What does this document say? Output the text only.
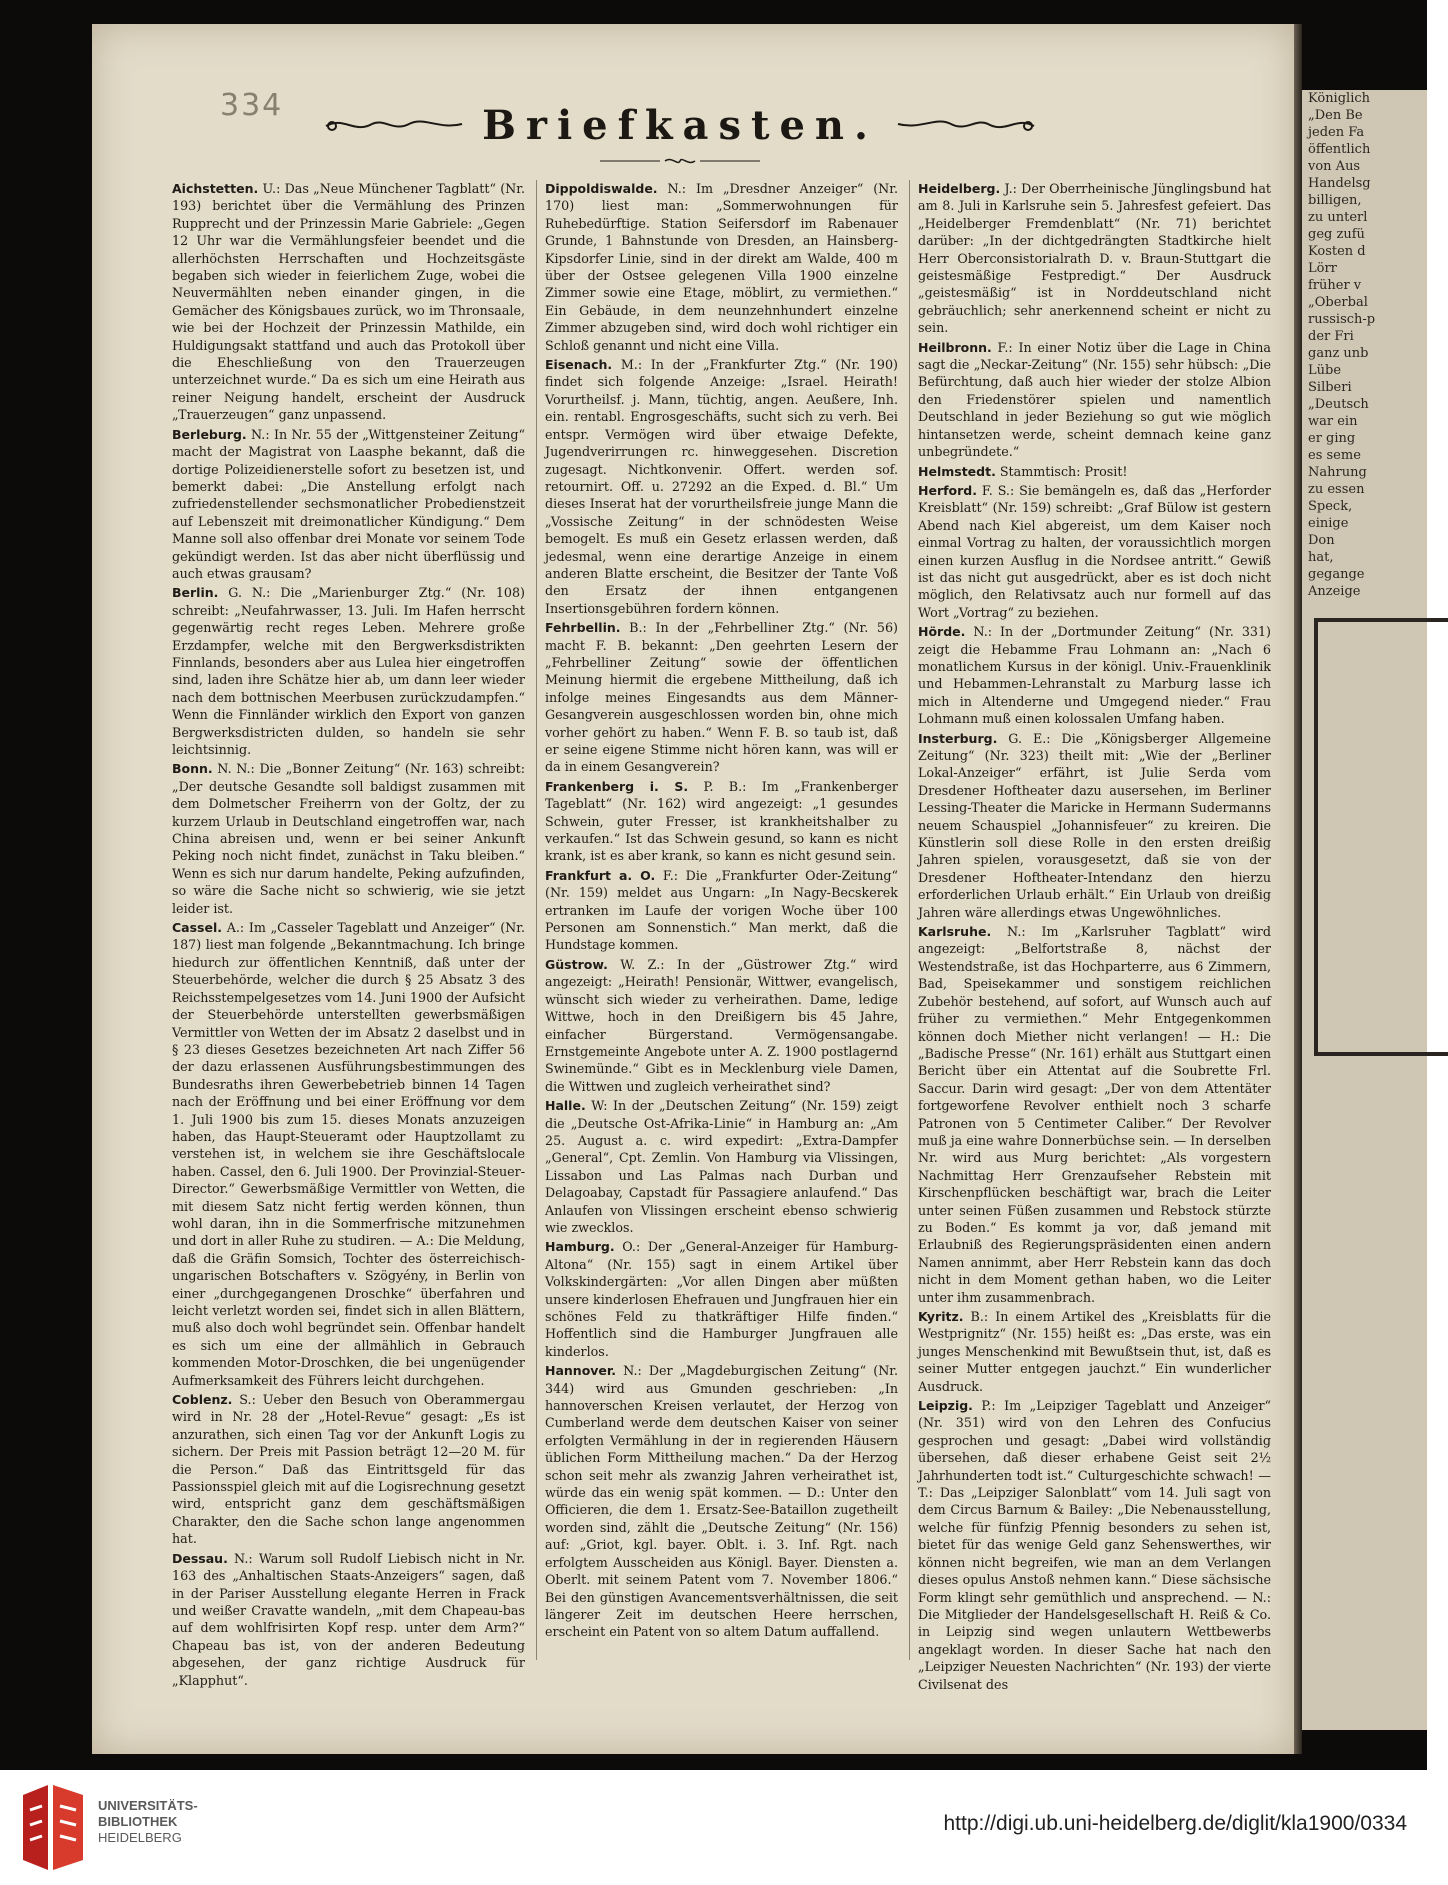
334	Königlich
„Den Be
jeden Fa
öffentlich
von Aus
Handelsg
billigen,
zu unterl
geg zufü
Kosten d
Lörr
früher v
„Oberbal
russisch-p
der Fri
ganz unb
Lübe
Silberi
„Deutsch
war ein
er ging
es seme
Nahrung
zu essen
Speck,
einige
Don
hat,
gegange
Anzeige
Briefkasten.

Aichstetten. U.: Das „Neue Münchener Tagblatt“ (Nr. 193) berichtet über die Vermählung des Prinzen Rupprecht und der Prinzessin Marie Gabriele: „Gegen 12 Uhr war die Vermählungsfeier beendet und die allerhöchsten Herrschaften und Hochzeitsgäste begaben sich wieder in feierlichem Zuge, wobei die Neuvermählten neben einander gingen, in die Gemächer des Königsbaues zurück, wo im Thronsaale, wie bei der Hochzeit der Prinzessin Mathilde, ein Huldigungsakt stattfand und auch das Protokoll über die Eheschließung von den Trauerzeugen unterzeichnet wurde.“ Da es sich um eine Heirath aus reiner Neigung handelt, erscheint der Ausdruck „Trauerzeugen“ ganz unpassend.

Berleburg. N.: In Nr. 55 der „Wittgensteiner Zeitung“ macht der Magistrat von Laasphe bekannt, daß die dortige Polizeidienerstelle sofort zu besetzen ist, und bemerkt dabei: „Die Anstellung erfolgt nach zufriedenstellender sechsmonatlicher Probedienstzeit auf Lebenszeit mit dreimonatlicher Kündigung.“ Dem Manne soll also offenbar drei Monate vor seinem Tode gekündigt werden. Ist das aber nicht überflüssig und auch etwas grausam?

Berlin. G. N.: Die „Marienburger Ztg.“ (Nr. 108) schreibt: „Neufahrwasser, 13. Juli. Im Hafen herrscht gegenwärtig recht reges Leben. Mehrere große Erzdampfer, welche mit den Bergwerksdistrikten Finnlands, besonders aber aus Lulea hier eingetroffen sind, laden ihre Schätze hier ab, um dann leer wieder nach dem bottnischen Meerbusen zurückzudampfen.“ Wenn die Finnländer wirklich den Export von ganzen Bergwerksdistricten dulden, so handeln sie sehr leichtsinnig.

Bonn. N. N.: Die „Bonner Zeitung“ (Nr. 163) schreibt: „Der deutsche Gesandte soll baldigst zusammen mit dem Dolmetscher Freiherrn von der Goltz, der zu kurzem Urlaub in Deutschland eingetroffen war, nach China abreisen und, wenn er bei seiner Ankunft Peking noch nicht findet, zunächst in Taku bleiben.“ Wenn es sich nur darum handelte, Peking aufzufinden, so wäre die Sache nicht so schwierig, wie sie jetzt leider ist.

Cassel. A.: Im „Casseler Tageblatt und Anzeiger“ (Nr. 187) liest man folgende „Bekanntmachung. Ich bringe hiedurch zur öffentlichen Kenntniß, daß unter der Steuerbehörde, welcher die durch § 25 Absatz 3 des Reichsstempelgesetzes vom 14. Juni 1900 der Aufsicht der Steuerbehörde unterstellten gewerbsmäßigen Vermittler von Wetten der im Absatz 2 daselbst und in § 23 dieses Gesetzes bezeichneten Art nach Ziffer 56 der dazu erlassenen Ausführungsbestimmungen des Bundesraths ihren Gewerbebetrieb binnen 14 Tagen nach der Eröffnung und bei einer Eröffnung vor dem 1. Juli 1900 bis zum 15. dieses Monats anzuzeigen haben, das Haupt-Steueramt oder Hauptzollamt zu verstehen ist, in welchem sie ihre Geschäftslocale haben. Cassel, den 6. Juli 1900. Der Provinzial-Steuer-Director.“ Gewerbsmäßige Vermittler von Wetten, die mit diesem Satz nicht fertig werden können, thun wohl daran, ihn in die Sommerfrische mitzunehmen und dort in aller Ruhe zu studiren. — A.: Die Meldung, daß die Gräfin Somsich, Tochter des österreichisch-ungarischen Botschafters v. Szögyény, in Berlin von einer „durchgegangenen Droschke“ überfahren und leicht verletzt worden sei, findet sich in allen Blättern, muß also doch wohl begründet sein. Offenbar handelt es sich um eine der allmählich in Gebrauch kommenden Motor-Droschken, die bei ungenügender Aufmerksamkeit des Führers leicht durchgehen.

Coblenz. S.: Ueber den Besuch von Oberammergau wird in Nr. 28 der „Hotel-Revue“ gesagt: „Es ist anzurathen, sich einen Tag vor der Ankunft Logis zu sichern. Der Preis mit Passion beträgt 12—20 M. für die Person.“ Daß das Eintrittsgeld für das Passionsspiel gleich mit auf die Logisrechnung gesetzt wird, entspricht ganz dem geschäftsmäßigen Charakter, den die Sache schon lange angenommen hat.

Dessau. N.: Warum soll Rudolf Liebisch nicht in Nr. 163 des „Anhaltischen Staats-Anzeigers“ sagen, daß in der Pariser Ausstellung elegante Herren in Frack und weißer Cravatte wandeln, „mit dem Chapeau-bas auf dem wohlfrisirten Kopf resp. unter dem Arm?“ Chapeau bas ist, von der anderen Bedeutung abgesehen, der ganz richtige Ausdruck für „Klapphut“.

Dippoldiswalde. N.: Im „Dresdner Anzeiger“ (Nr. 170) liest man: „Sommerwohnungen für Ruhebedürftige. Station Seifersdorf im Rabenauer Grunde, 1 Bahnstunde von Dresden, an Hainsberg-Kipsdorfer Linie, sind in der direkt am Walde, 400 m über der Ostsee gelegenen Villa 1900 einzelne Zimmer sowie eine Etage, möblirt, zu vermiethen.“ Ein Gebäude, in dem neunzehnhundert einzelne Zimmer abzugeben sind, wird doch wohl richtiger ein Schloß genannt und nicht eine Villa.

Eisenach. M.: In der „Frankfurter Ztg.“ (Nr. 190) findet sich folgende Anzeige: „Israel. Heirath! Vorurtheilsf. j. Mann, tüchtig, angen. Aeußere, Inh. ein. rentabl. Engrosgeschäfts, sucht sich zu verh. Bei entspr. Vermögen wird über etwaige Defekte, Jugendverirrungen rc. hinweggesehen. Discretion zugesagt. Nichtkonvenir. Offert. werden sof. retournirt. Off. u. 27292 an die Exped. d. Bl.“ Um dieses Inserat hat der vorurtheilsfreie junge Mann die „Vossische Zeitung“ in der schnödesten Weise bemogelt. Es muß ein Gesetz erlassen werden, daß jedesmal, wenn eine derartige Anzeige in einem anderen Blatte erscheint, die Besitzer der Tante Voß den Ersatz der ihnen entgangenen Insertionsgebühren fordern können.

Fehrbellin. B.: In der „Fehrbelliner Ztg.“ (Nr. 56) macht F. B. bekannt: „Den geehrten Lesern der „Fehrbelliner Zeitung“ sowie der öffentlichen Meinung hiermit die ergebene Mittheilung, daß ich infolge meines Eingesandts aus dem Männer-Gesangverein ausgeschlossen worden bin, ohne mich vorher gehört zu haben.“ Wenn F. B. so taub ist, daß er seine eigene Stimme nicht hören kann, was will er da in einem Gesangverein?

Frankenberg i. S. P. B.: Im „Frankenberger Tageblatt“ (Nr. 162) wird angezeigt: „1 gesundes Schwein, guter Fresser, ist krankheitshalber zu verkaufen.“ Ist das Schwein gesund, so kann es nicht krank, ist es aber krank, so kann es nicht gesund sein.

Frankfurt a. O. F.: Die „Frankfurter Oder-Zeitung“ (Nr. 159) meldet aus Ungarn: „In Nagy-Becskerek ertranken im Laufe der vorigen Woche über 100 Personen am Sonnenstich.“ Man merkt, daß die Hundstage kommen.

Güstrow. W. Z.: In der „Güstrower Ztg.“ wird angezeigt: „Heirath! Pensionär, Wittwer, evangelisch, wünscht sich wieder zu verheirathen. Dame, ledige Wittwe, hoch in den Dreißigern bis 45 Jahre, einfacher Bürgerstand. Vermögensangabe. Ernstgemeinte Angebote unter A. Z. 1900 postlagernd Swinemünde.“ Gibt es in Mecklenburg viele Damen, die Wittwen und zugleich verheirathet sind?

Halle. W: In der „Deutschen Zeitung“ (Nr. 159) zeigt die „Deutsche Ost-Afrika-Linie“ in Hamburg an: „Am 25. August a. c. wird expedirt: „Extra-Dampfer „General“, Cpt. Zemlin. Von Hamburg via Vlissingen, Lissabon und Las Palmas nach Durban und Delagoabay, Capstadt für Passagiere anlaufend.“ Das Anlaufen von Vlissingen erscheint ebenso schwierig wie zwecklos.

Hamburg. O.: Der „General-Anzeiger für Hamburg-Altona“ (Nr. 155) sagt in einem Artikel über Volkskindergärten: „Vor allen Dingen aber müßten unsere kinderlosen Ehefrauen und Jungfrauen hier ein schönes Feld zu thatkräftiger Hilfe finden.“ Hoffentlich sind die Hamburger Jungfrauen alle kinderlos.

Hannover. N.: Der „Magdeburgischen Zeitung“ (Nr. 344) wird aus Gmunden geschrieben: „In hannoverschen Kreisen verlautet, der Herzog von Cumberland werde dem deutschen Kaiser von seiner erfolgten Vermählung in der in regierenden Häusern üblichen Form Mittheilung machen.“ Da der Herzog schon seit mehr als zwanzig Jahren verheirathet ist, würde das ein wenig spät kommen. — D.: Unter den Officieren, die dem 1. Ersatz-See-Bataillon zugetheilt worden sind, zählt die „Deutsche Zeitung“ (Nr. 156) auf: „Griot, kgl. bayer. Oblt. i. 3. Inf. Rgt. nach erfolgtem Ausscheiden aus Königl. Bayer. Diensten a. Oberlt. mit seinem Patent vom 7. November 1806.“ Bei den günstigen Avancementsverhältnissen, die seit längerer Zeit im deutschen Heere herrschen, erscheint ein Patent von so altem Datum auffallend.

Heidelberg. J.: Der Oberrheinische Jünglingsbund hat am 8. Juli in Karlsruhe sein 5. Jahresfest gefeiert. Das „Heidelberger Fremdenblatt“ (Nr. 71) berichtet darüber: „In der dichtgedrängten Stadtkirche hielt Herr Oberconsistorialrath D. v. Braun-Stuttgart die geistesmäßige Festpredigt.“ Der Ausdruck „geistesmäßig“ ist in Norddeutschland nicht gebräuchlich; sehr anerkennend scheint er nicht zu sein.

Heilbronn. F.: In einer Notiz über die Lage in China sagt die „Neckar-Zeitung“ (Nr. 155) sehr hübsch: „Die Befürchtung, daß auch hier wieder der stolze Albion den Friedenstörer spielen und namentlich Deutschland in jeder Beziehung so gut wie möglich hintansetzen werde, scheint demnach keine ganz unbegründete.“

Helmstedt. Stammtisch: Prosit!

Herford. F. S.: Sie bemängeln es, daß das „Herforder Kreisblatt“ (Nr. 159) schreibt: „Graf Bülow ist gestern Abend nach Kiel abgereist, um dem Kaiser noch einmal Vortrag zu halten, der voraussichtlich morgen einen kurzen Ausflug in die Nordsee antritt.“ Gewiß ist das nicht gut ausgedrückt, aber es ist doch nicht möglich, den Relativsatz auch nur formell auf das Wort „Vortrag“ zu beziehen.

Hörde. N.: In der „Dortmunder Zeitung“ (Nr. 331) zeigt die Hebamme Frau Lohmann an: „Nach 6 monatlichem Kursus in der königl. Univ.-Frauenklinik und Hebammen-Lehranstalt zu Marburg lasse ich mich in Altenderne und Umgegend nieder.“ Frau Lohmann muß einen kolossalen Umfang haben.

Insterburg. G. E.: Die „Königsberger Allgemeine Zeitung“ (Nr. 323) theilt mit: „Wie der „Berliner Lokal-Anzeiger“ erfährt, ist Julie Serda vom Dresdener Hoftheater dazu ausersehen, im Berliner Lessing-Theater die Maricke in Hermann Sudermanns neuem Schauspiel „Johannisfeuer“ zu kreiren. Die Künstlerin soll diese Rolle in den ersten dreißig Jahren spielen, vorausgesetzt, daß sie von der Dresdener Hoftheater-Intendanz den hierzu erforderlichen Urlaub erhält.“ Ein Urlaub von dreißig Jahren wäre allerdings etwas Ungewöhnliches.

Karlsruhe. N.: Im „Karlsruher Tagblatt“ wird angezeigt: „Belfortstraße 8, nächst der Westendstraße, ist das Hochparterre, aus 6 Zimmern, Bad, Speisekammer und sonstigem reichlichen Zubehör bestehend, auf sofort, auf Wunsch auch auf früher zu vermiethen.“ Mehr Entgegenkommen können doch Miether nicht verlangen! — H.: Die „Badische Presse“ (Nr. 161) erhält aus Stuttgart einen Bericht über ein Attentat auf die Soubrette Frl. Saccur. Darin wird gesagt: „Der von dem Attentäter fortgeworfene Revolver enthielt noch 3 scharfe Patronen von 5 Centimeter Caliber.“ Der Revolver muß ja eine wahre Donnerbüchse sein. — In derselben Nr. wird aus Murg berichtet: „Als vorgestern Nachmittag Herr Grenzaufseher Rebstein mit Kirschenpflücken beschäftigt war, brach die Leiter unter seinen Füßen zusammen und Rebstock stürzte zu Boden.“ Es kommt ja vor, daß jemand mit Erlaubniß des Regierungspräsidenten einen andern Namen annimmt, aber Herr Rebstein kann das doch nicht in dem Moment gethan haben, wo die Leiter unter ihm zusammenbrach.

Kyritz. B.: In einem Artikel des „Kreisblatts für die Westprignitz“ (Nr. 155) heißt es: „Das erste, was ein junges Menschenkind mit Bewußtsein thut, ist, daß es seiner Mutter entgegen jauchzt.“ Ein wunderlicher Ausdruck.

Leipzig. P.: Im „Leipziger Tageblatt und Anzeiger“ (Nr. 351) wird von den Lehren des Confucius gesprochen und gesagt: „Dabei wird vollständig übersehen, daß dieser erhabene Geist seit 2½ Jahrhunderten todt ist.“ Culturgeschichte schwach! — T.: Das „Leipziger Salonblatt“ vom 14. Juli sagt von dem Circus Barnum & Bailey: „Die Nebenausstellung, welche für fünfzig Pfennig besonders zu sehen ist, bietet für das wenige Geld ganz Sehenswerthes, wir können nicht begreifen, wie man an dem Verlangen dieses opulus Anstoß nehmen kann.“ Diese sächsische Form klingt sehr gemüthlich und ansprechend. — N.: Die Mitglieder der Handelsgesellschaft H. Reiß & Co. in Leipzig sind wegen unlautern Wettbewerbs angeklagt worden. In dieser Sache hat nach den „Leipziger Neuesten Nachrichten“ (Nr. 193) der vierte Civilsenat des

UNIVERSITÄTS-
BIBLIOTHEK
HEIDELBERG
http://digi.ub.uni-heidelberg.de/diglit/kla1900/0334
